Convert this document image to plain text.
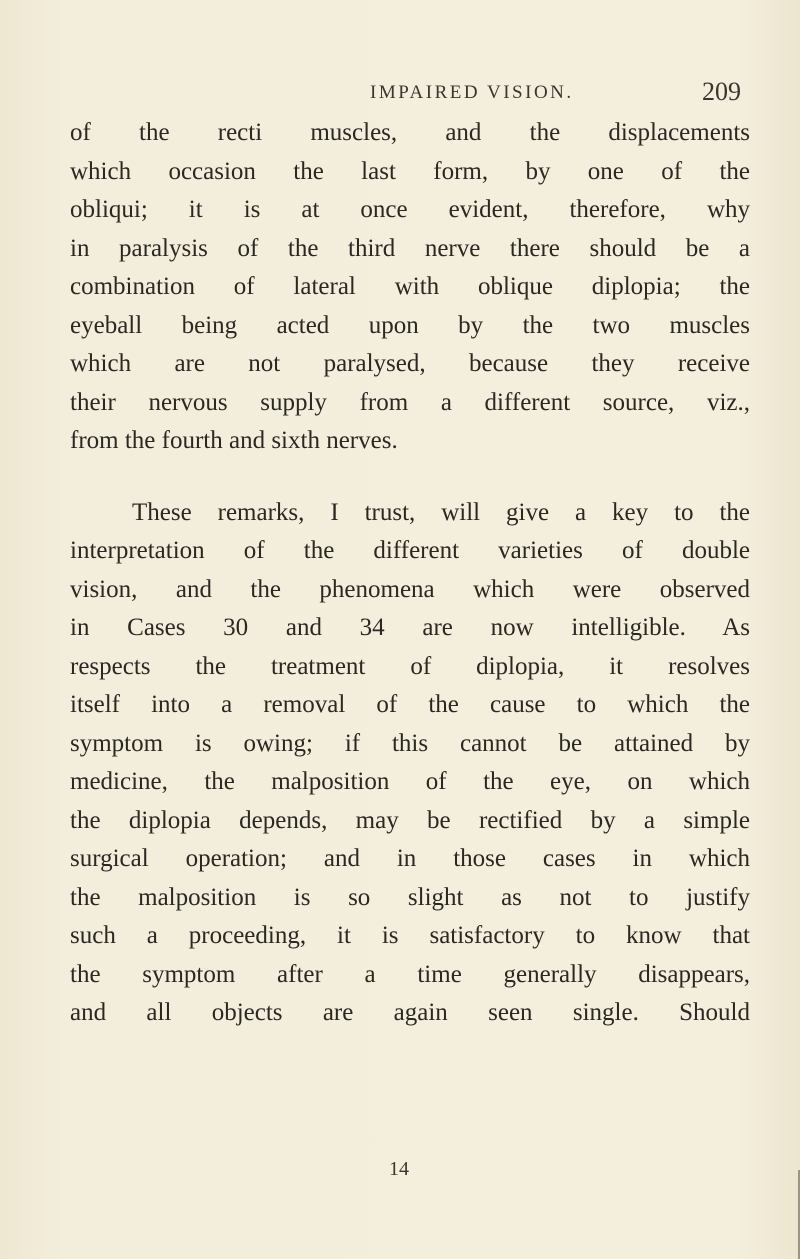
IMPAIRED VISION.	209
of the recti muscles, and the displacements
which occasion the last form, by one of the
obliqui; it is at once evident, therefore, why
in paralysis of the third nerve there should be a
combination of lateral with oblique diplopia; the
eyeball being acted upon by the two muscles
which are not paralysed, because they receive
their nervous supply from a different source, viz.,
from the fourth and sixth nerves.
These remarks, I trust, will give a key to the
interpretation of the different varieties of double
vision, and the phenomena which were observed
in Cases 30 and 34 are now intelligible. As
respects the treatment of diplopia, it resolves
itself into a removal of the cause to which the
symptom is owing; if this cannot be attained by
medicine, the malposition of the eye, on which
the diplopia depends, may be rectified by a simple
surgical operation; and in those cases in which
the malposition is so slight as not to justify
such a proceeding, it is satisfactory to know that
the symptom after a time generally disappears,
and all objects are again seen single. Should
14
